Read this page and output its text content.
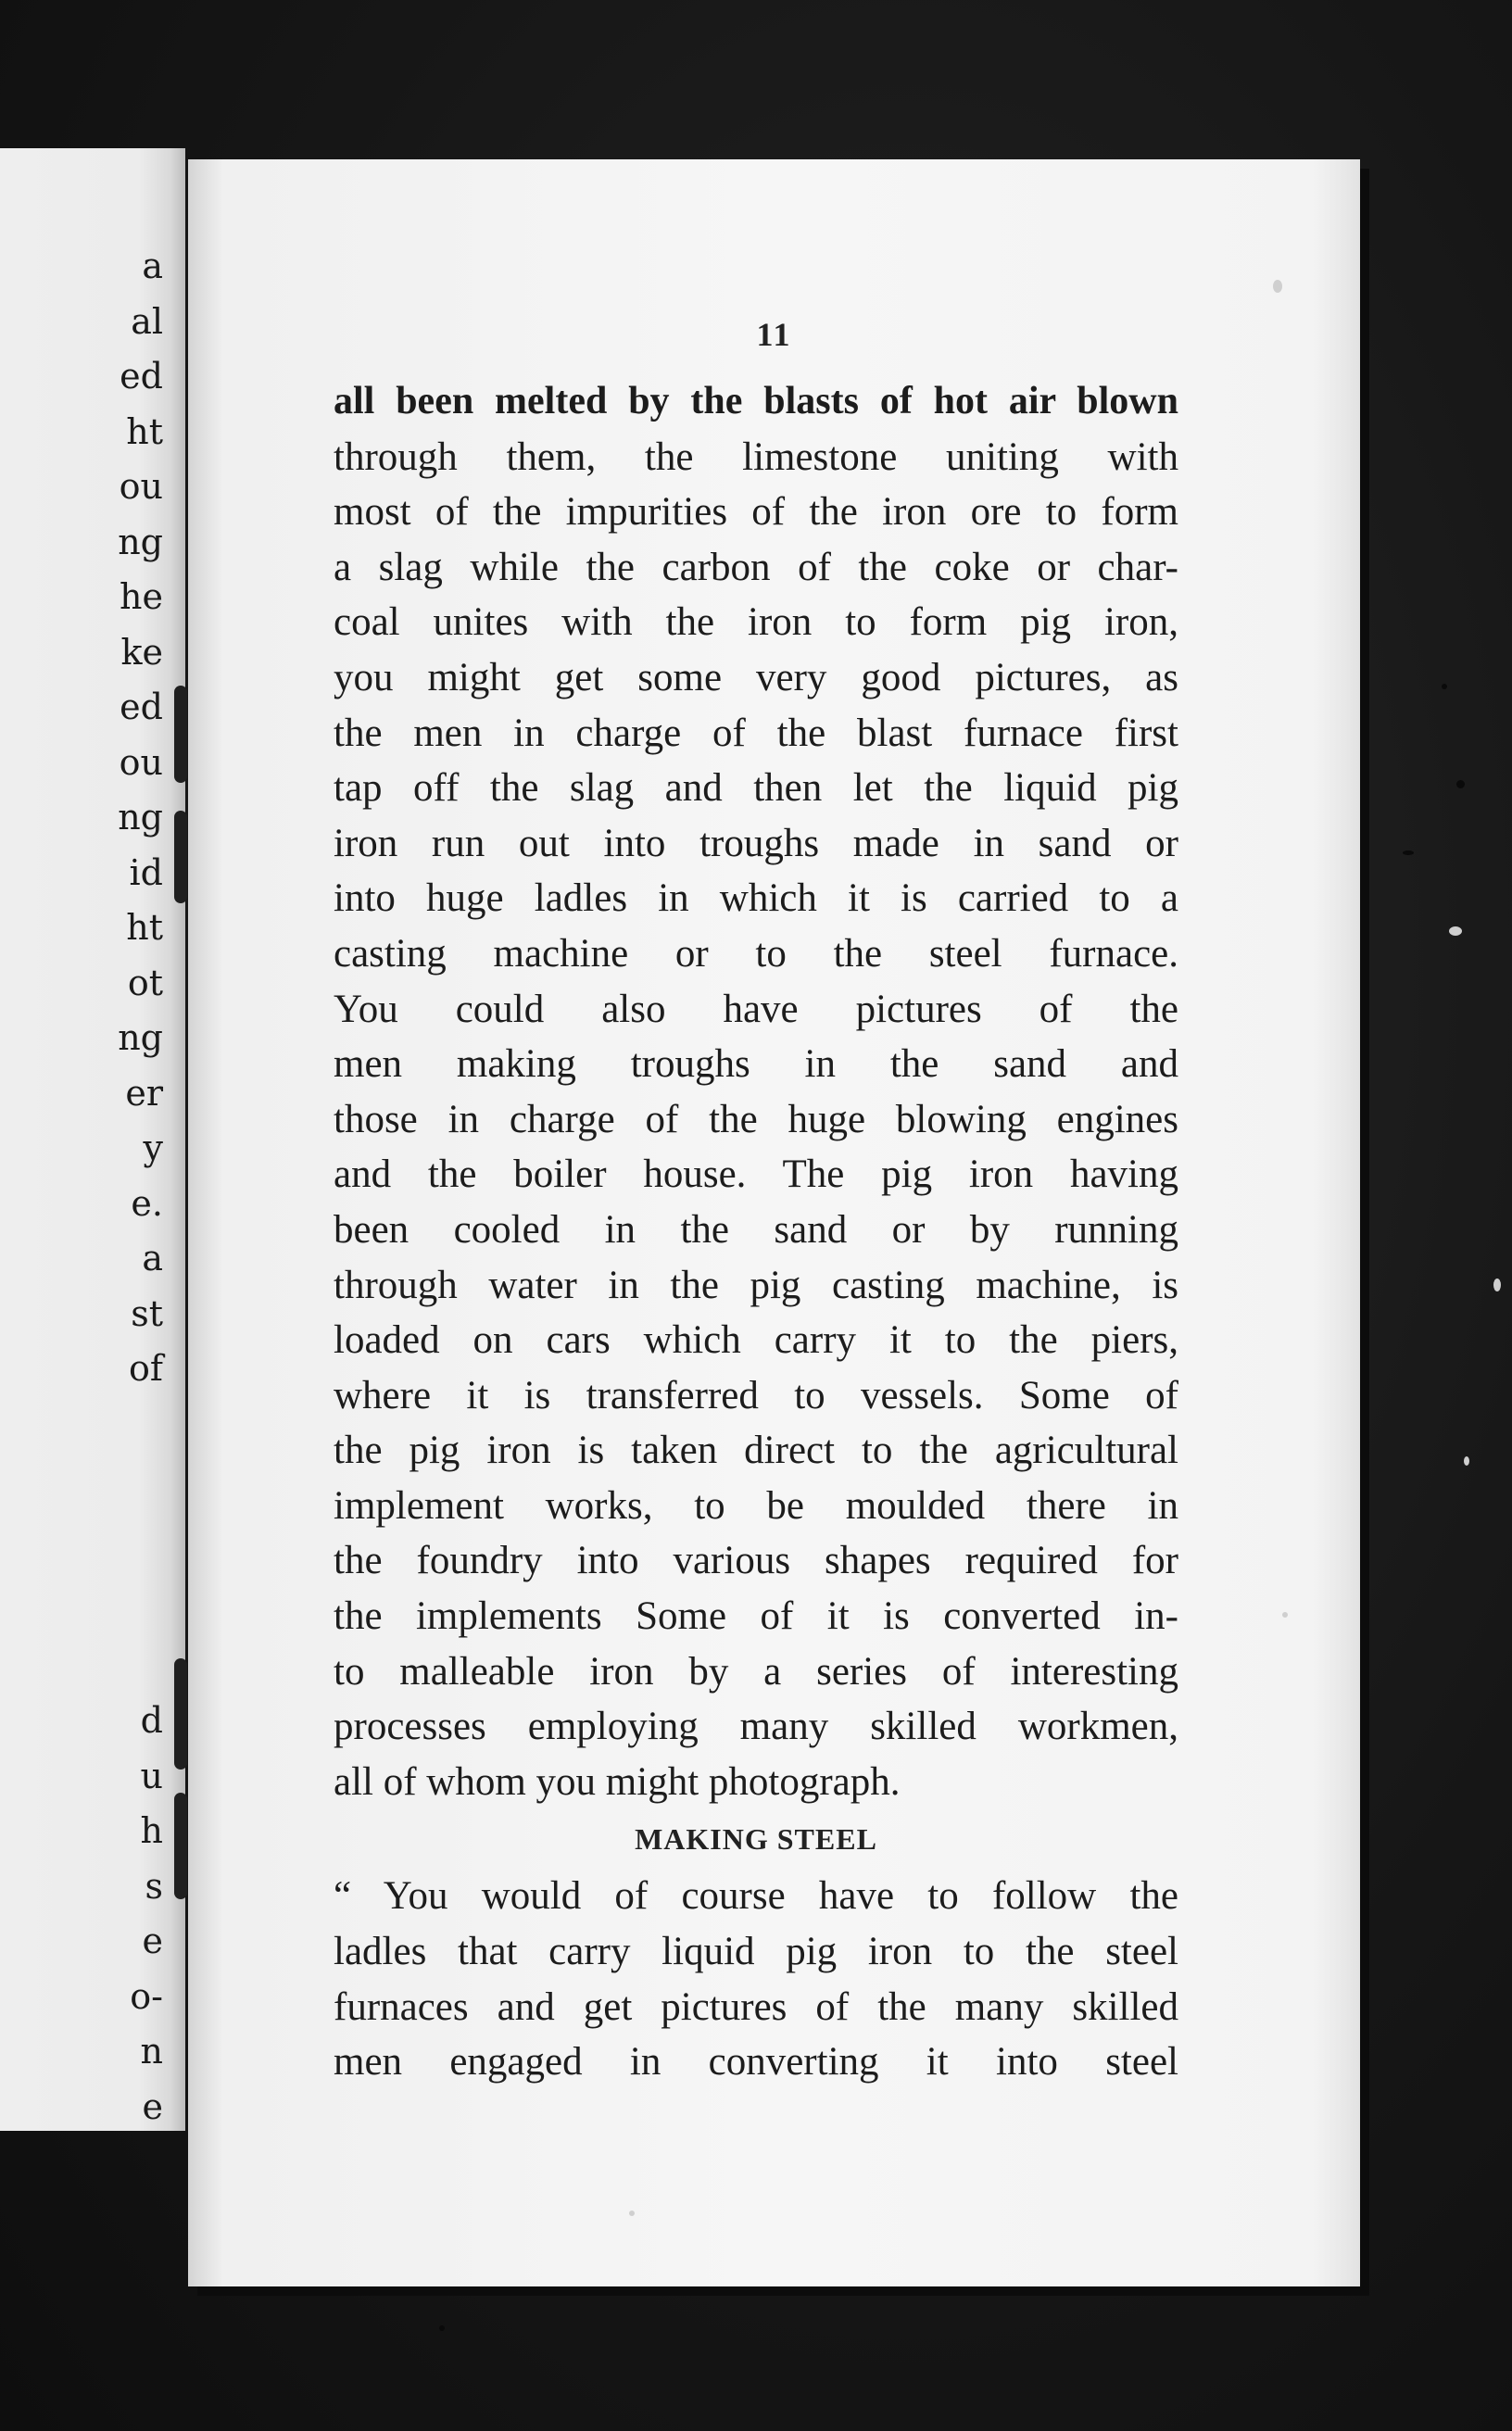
a
al
ed
ht
ou
ng
he
ke
ed
ou
ng
id
ht
ot
ng
er
y
e.
a
st
of
d
u
h
s
e
o-
n
e
11
all been melted by the blasts of hot air blown
through them, the limestone uniting with
most of the impurities of the iron ore to form
a slag while the carbon of the coke or char-
coal unites with the iron to form pig iron,
you might get some very good pictures, as
the men in charge of the blast furnace first
tap off the slag and then let the liquid pig
iron run out into troughs made in sand or
into huge ladles in which it is carried to a
casting machine or to the steel furnace.
You could also have pictures of the
men making troughs in the sand and
those in charge of the huge blowing engines
and the boiler house. The pig iron having
been cooled in the sand or by running
through water in the pig casting machine, is
loaded on cars which carry it to the piers,
where it is transferred to vessels. Some of
the pig iron is taken direct to the agricultural
implement works, to be moulded there in
the foundry into various shapes required for
the implements Some of it is converted in-
to malleable iron by a series of interesting
processes employing many skilled workmen,
all of whom you might photograph.
MAKING STEEL
“ You would of course have to follow the
ladles that carry liquid pig iron to the steel
furnaces and get pictures of the many skilled
men engaged in converting it into steel
